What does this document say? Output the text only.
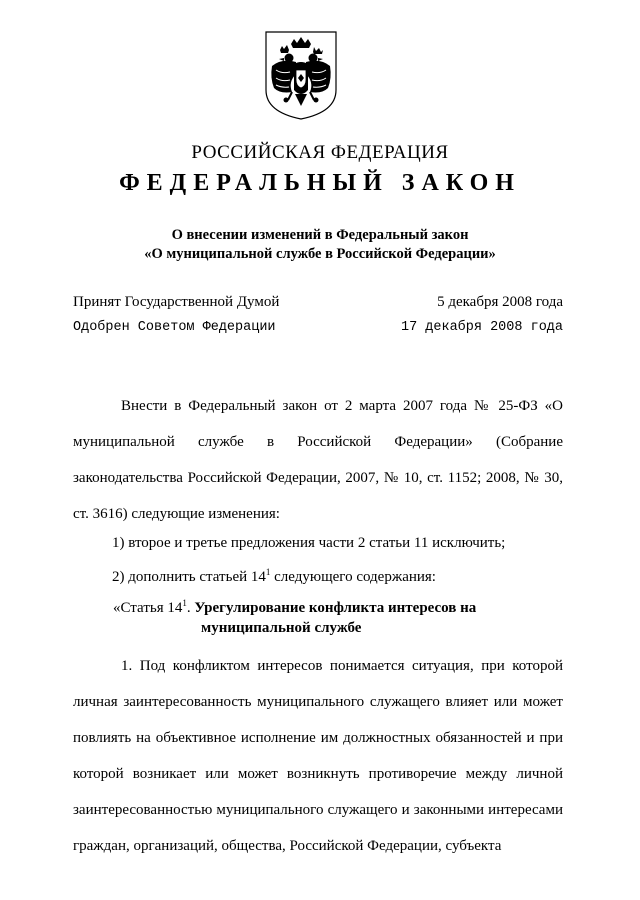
РОССИЙСКАЯ ФЕДЕРАЦИЯ
ФЕДЕРАЛЬНЫЙ ЗАКОН
О внесении изменений в Федеральный закон
«О муниципальной службе в Российской Федерации»
Принят Государственной Думой	5 декабря 2008 года
Одобрен Советом Федерации	17 декабря 2008 года
Внести в Федеральный закон от 2 марта 2007 года № 25-ФЗ «О муниципальной службе в Российской Федерации» (Собрание законодательства Российской Федерации, 2007, № 10, ст. 1152; 2008, № 30, ст. 3616) следующие изменения:
1) второе и третье предложения части 2 статьи 11 исключить;
2) дополнить статьей $14^1$ следующего содержания:
«Статья $14^1$. Урегулирование конфликта интересов на
муниципальной службе
1. Под конфликтом интересов понимается ситуация, при которой личная заинтересованность муниципального служащего влияет или может повлиять на объективное исполнение им должностных обязанностей и при которой возникает или может возникнуть противоречие между личной заинтересованностью муниципального служащего и законными интересами граждан, организаций, общества, Российской Федерации, субъекта
